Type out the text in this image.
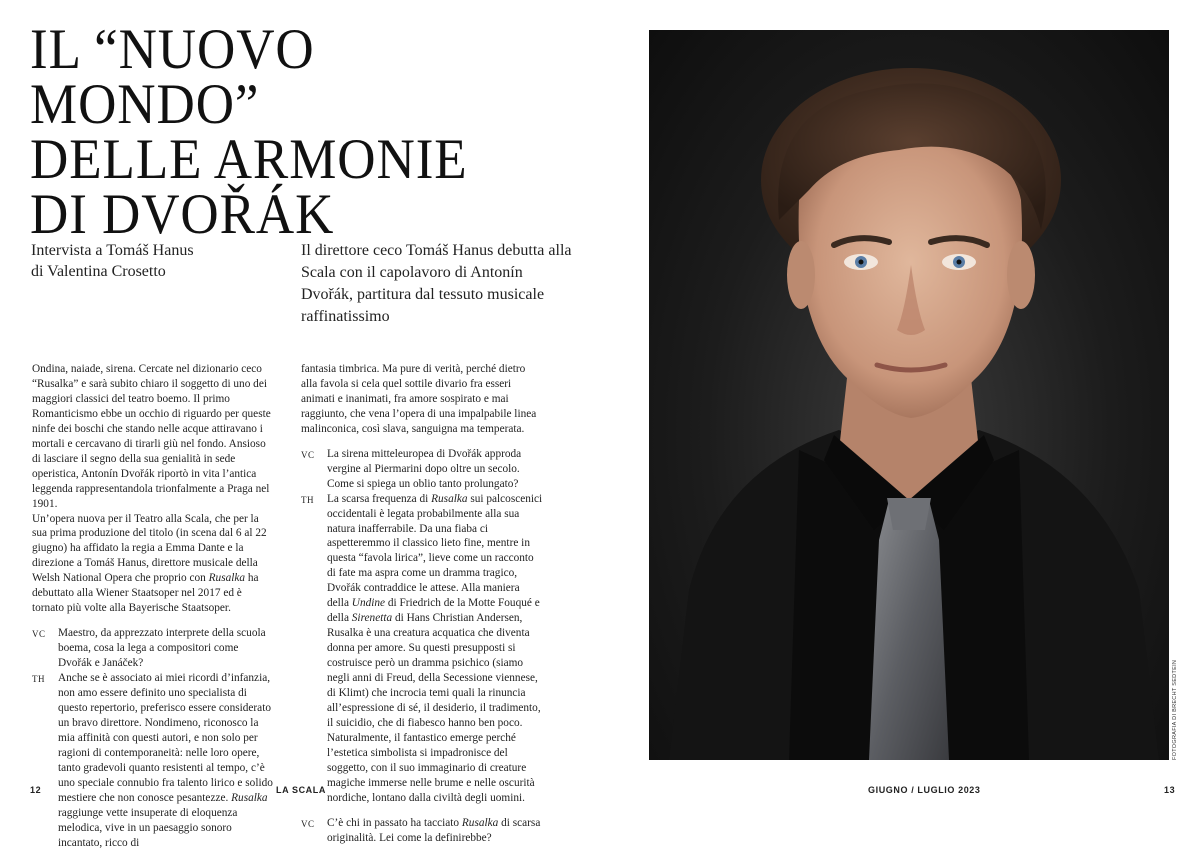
IL “NUOVO MONDO”
DELLE ARMONIE
DI DVOŘÁK
Intervista a Tomáš Hanus
di Valentina Crosetto
Il direttore ceco Tomáš Hanus debutta alla Scala con il capolavoro di Antonín Dvořák, partitura dal tessuto musicale raffinatissimo

Ondina, naiade, sirena. Cercate nel dizionario ceco “Rusalka” e sarà subito chiaro il soggetto di uno dei maggiori classici del teatro boemo. Il primo Romanticismo ebbe un occhio di riguardo per queste ninfe dei boschi che stando nelle acque attiravano i mortali e cercavano di tirarli giù nel fondo. Ansioso di lasciare il segno della sua genialità in sede operistica, Antonín Dvořák riportò in vita l’antica leggenda rappresentandola trionfalmente a Praga nel 1901.

Un’opera nuova per il Teatro alla Scala, che per la sua prima produzione del titolo (in scena dal 6 al 22 giugno) ha affidato la regia a Emma Dante e la direzione a Tomáš Hanus, direttore musicale della Welsh National Opera che proprio con Rusalka ha debuttato alla Wiener Staatsoper nel 2017 ed è tornato più volte alla Bayerische Staatsoper.

VC	Maestro, da apprezzato interprete della scuola boema, cosa la lega a compositori come Dvořák e Janáček?
TH	Anche se è associato ai miei ricordi d’infanzia, non amo essere definito uno specialista di questo repertorio, preferisco essere considerato un bravo direttore. Nondimeno, riconosco la mia affinità con questi autori, e non solo per ragioni di contemporaneità: nelle loro opere, tanto gradevoli quanto resistenti al tempo, c’è uno speciale connubio fra talento lirico e solido mestiere che non conosce pesantezze. Rusalka raggiunge vette insuperate di eloquenza melodica, vive in un paesaggio sonoro incantato, ricco di

fantasia timbrica. Ma pure di verità, perché dietro alla favola si cela quel sottile divario fra esseri animati e inanimati, fra amore sospirato e mai raggiunto, che vena l’opera di una impalpabile linea malinconica, così slava, sanguigna ma temperata.

VC	La sirena mitteleuropea di Dvořák approda vergine al Piermarini dopo oltre un secolo. Come si spiega un oblio tanto prolungato?
TH	La scarsa frequenza di Rusalka sui palcoscenici occidentali è legata probabilmente alla sua natura inafferrabile. Da una fiaba ci aspetteremmo il classico lieto fine, mentre in questa “favola lirica”, lieve come un racconto di fate ma aspra come un dramma tragico, Dvořák contraddice le attese. Alla maniera della Undine di Friedrich de la Motte Fouqué e della Sirenetta di Hans Christian Andersen, Rusalka è una creatura acquatica che diventa donna per amore. Su questi presupposti si costruisce però un dramma psichico (siamo negli anni di Freud, della Secessione viennese, di Klimt) che incrocia temi quali la rinuncia all’espressione di sé, il desiderio, il tradimento, il suicidio, che di fiabesco hanno ben poco. Naturalmente, il fantastico emerge perché l’estetica simbolista si impadronisce del soggetto, con il suo immaginario di creature magiche immerse nelle brume e nelle oscurità nordiche, lontano dalla civiltà degli uomini.
VC	C’è chi in passato ha tacciato Rusalka di scarsa originalità. Lei come la definirebbe?
FOTOGRAFIA DI BRECHT SEDTEIN
12	LA SCALA	GIUGNO / LUGLIO 2023	13
